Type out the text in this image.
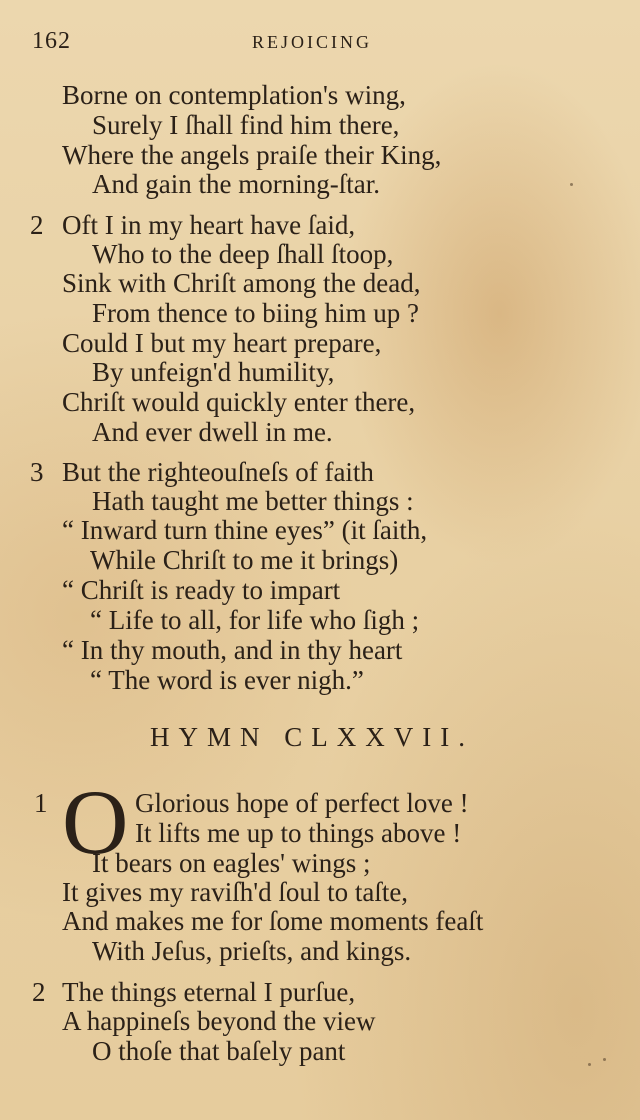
162	REJOICING
Borne on contemplation's wing,
Surely I ſhall find him there,
Where the angels praiſe their King,
And gain the morning-ſtar.
2 Oft I in my heart have ſaid,
Who to the deep ſhall ſtoop,
Sink with Chriſt among the dead,
From thence to biing him up ?
Could I but my heart prepare,
By unfeign'd humility,
Chriſt would quickly enter there,
And ever dwell in me.
3 But the righteouſneſs of faith
Hath taught me better things :
“ Inward turn thine eyes” (it ſaith,
While Chriſt to me it brings)
“ Chriſt is ready to impart
“ Life to all, for life who ſigh ;
“ In thy mouth, and in thy heart
“ The word is ever nigh.”
HYMN CLXXVII.
1 O Glorious hope of perfect love !
It lifts me up to things above !
It bears on eagles' wings ;
It gives my raviſh'd ſoul to taſte,
And makes me for ſome moments feaſt
With Jeſus, prieſts, and kings.
2 The things eternal I purſue,
A happineſs beyond the view
O thoſe that baſely pant
